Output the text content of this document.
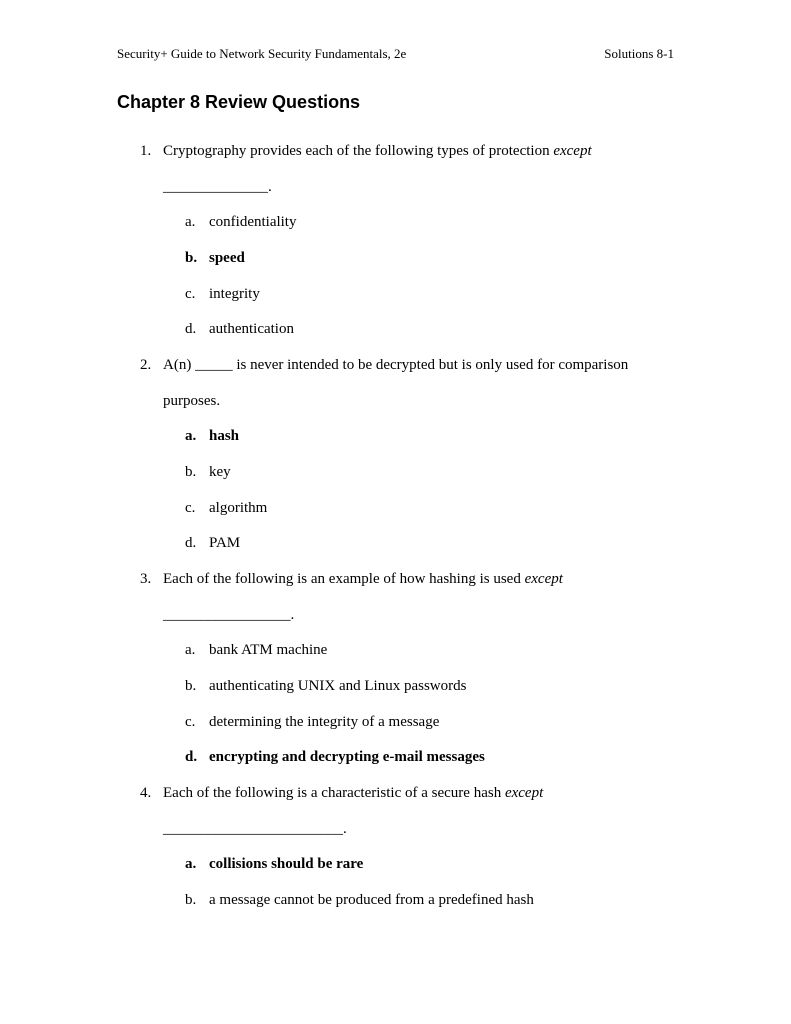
Security+ Guide to Network Security Fundamentals, 2e	Solutions 8-1
Chapter 8 Review Questions
1. Cryptography provides each of the following types of protection except
______________.
a. confidentiality
b. speed
c. integrity
d. authentication
2. A(n) _____ is never intended to be decrypted but is only used for comparison
purposes.
a. hash
b. key
c. algorithm
d. PAM
3. Each of the following is an example of how hashing is used except
_________________.
a. bank ATM machine
b. authenticating UNIX and Linux passwords
c. determining the integrity of a message
d. encrypting and decrypting e-mail messages
4. Each of the following is a characteristic of a secure hash except
________________________.
a. collisions should be rare
b. a message cannot be produced from a predefined hash
